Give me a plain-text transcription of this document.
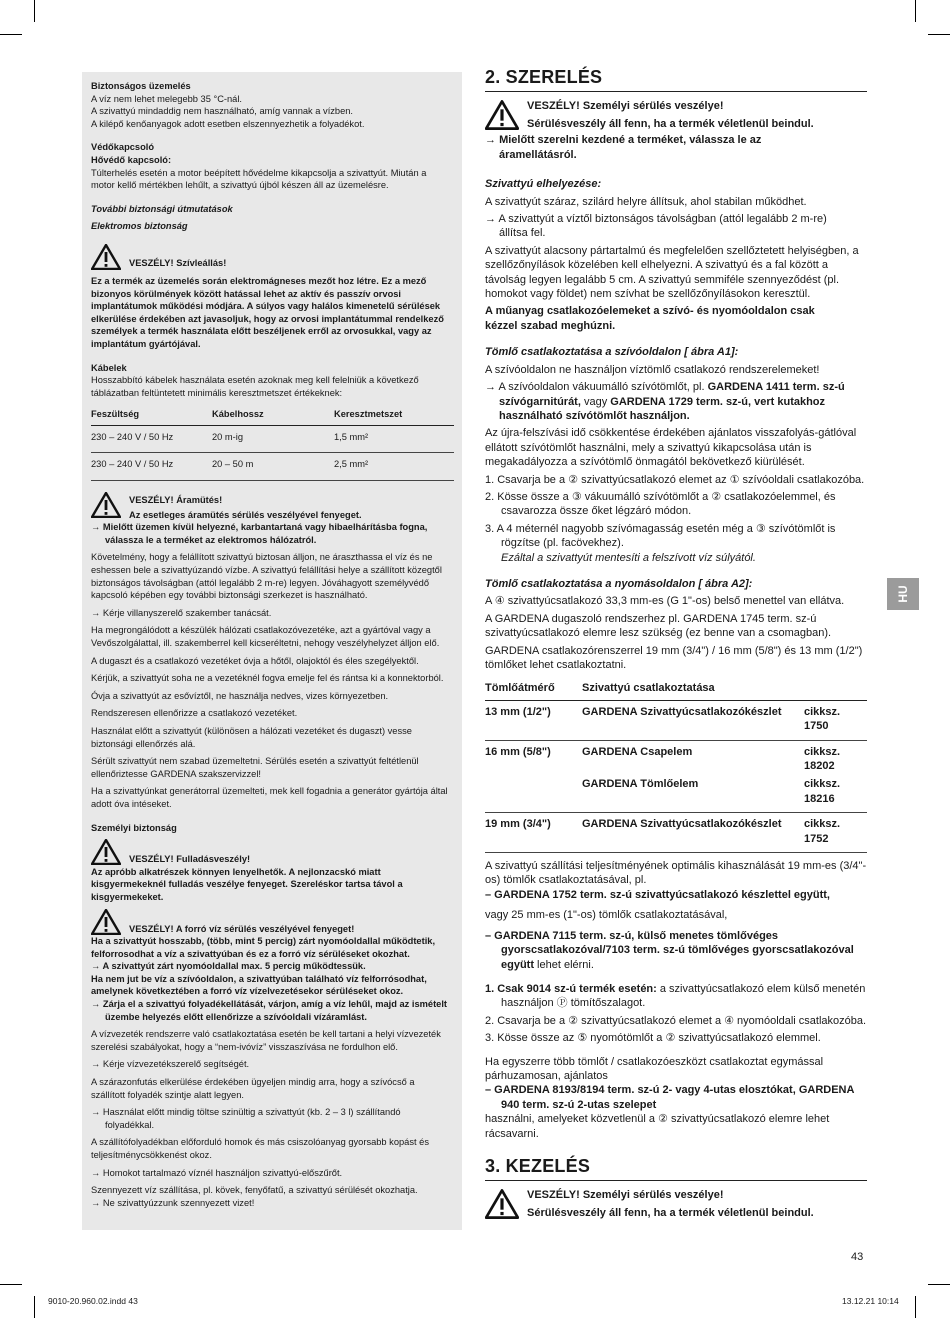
Biztonságos üzemelés

A víz nem lehet melegebb 35 °C-nál.

A szivattyú mindaddig nem használható, amíg vannak a vízben.

A kilépő kenőanyagok adott esetben elszennyezhetik a folyadékot.

Védőkapcsoló

Hővédő kapcsoló:

Túlterhelés esetén a motor beépített hővédelme kikapcsolja a szivattyút. Miután a motor kellő mértékben lehűlt, a szivattyú újból készen áll az üzemelésre.

További biztonsági útmutatások

Elektromos biztonság

VESZÉLY! Szívleállás!

Ez a termék az üzemelés során elektromágneses mezőt hoz létre. Ez a mező bizonyos körülmények között hatással lehet az aktív és passzív orvosi implantátumok működési módjára. A súlyos vagy halálos kimenetelű sérülések elkerülése érdekében azt javasoljuk, hogy az orvosi implantátummal rendelkező személyek a termék használata előtt beszéljenek erről az orvosukkal, vagy az implantátum gyártójával.

Kábelek

Hosszabbító kábelek használata esetén azoknak meg kell felelniük a következő táblázatban feltüntetett minimális keresztmetszet értékeknek:

Feszültség	Kábelhossz	Keresztmetszet
230 – 240 V / 50 Hz	20 m-ig	1,5 mm²
230 – 240 V / 50 Hz	20 – 50 m	2,5 mm²

VESZÉLY! Áramütés!

Az esetleges áramütés sérülés veszélyével fenyeget.

→ Mielőtt üzemen kívül helyezné, karbantartaná vagy hibaelhárításba fogna, válassza le a terméket az elektromos hálózatról.

Követelmény, hogy a felállított szivattyú biztosan álljon, ne áraszthassa el víz és ne eshessen bele a szivattyúzandó vízbe. A szivattyú felállítási helye a szállított közegtől biztonságos távolságban (attól legalább 2 m-re) legyen. Jóváhagyott személyvédő kapcsoló képében egy további biztonsági szerkezet is használható.

→ Kérje villanyszerelő szakember tanácsát.

Ha megrongálódott a készülék hálózati csatlakozóvezetéke, azt a gyártóval vagy a Vevőszolgálattal, ill. szakemberrel kell kicseréltetni, nehogy veszélyhelyzet álljon elő.

A dugaszt és a csatlakozó vezetéket óvja a hőtől, olajoktól és éles szegélyektől.

Kérjük, a szivattyút soha ne a vezetéknél fogva emelje fel és rántsa ki a konnektorból.

Óvja a szivattyút az esővíztől, ne használja nedves, vizes környezetben.

Rendszeresen ellenőrizze a csatlakozó vezetéket.

Használat előtt a szivattyút (különösen a hálózati vezetéket és dugaszt) vesse biztonsági ellenőrzés alá.

Sérült szivattyút nem szabad üzemeltetni. Sérülés esetén a szivattyút feltétlenül ellenőriztesse GARDENA szakszervizzel!

Ha a szivattyúnkat generátorral üzemelteti, mek kell fogadnia a generátor gyártója által adott óva intéseket.

Személyi biztonság

VESZÉLY! Fulladásveszély!

Az apróbb alkatrészek könnyen lenyelhetők. A nejlonzacskó miatt kisgyermekeknél fulladás veszélye fenyeget. Szereléskor tartsa távol a kisgyermekeket.

VESZÉLY! A forró víz sérülés veszélyével fenyeget!

Ha a szivattyút hosszabb, (több, mint 5 percig) zárt nyomóoldallal működtetik, felforrosodhat a víz a szivattyúban és ez a forró víz sérüléseket okozhat.

→ A szivattyút zárt nyomóoldallal max. 5 percig működtessük.

Ha nem jut be víz a szívóoldalon, a szivattyúban található víz felforrósodhat, amelynek következtében a forró víz vízelvezetésekor sérüléseket okoz.

→ Zárja el a szivattyú folyadékellátását, várjon, amíg a víz lehűl, majd az ismételt üzembe helyezés előtt ellenőrizze a szívóoldali vízáramlást.

A vízvezeték rendszerre való csatlakoztatása esetén be kell tartani a helyi vízvezeték szerelési szabályokat, hogy a “nem-ivóvíz” visszaszívása ne fordulhon elő.

→ Kérje vízvezetékszerelő segítségét.

A szárazonfutás elkerülése érdekében ügyeljen mindig arra, hogy a szívócső a szállított folyadék szintje alatt legyen.

→ Használat előtt mindig töltse szinültig a szivattyút (kb. 2 – 3 l) szállítandó folyadékkal.

A szállítófolyadékban előforduló homok és más csiszolóanyag gyorsabb kopást és teljesítménycsökkenést okoz.

→ Homokot tartalmazó víznél használjon szivattyú-előszűrőt.

Szennyezett víz szállítása, pl. kövek, fenyőfatű, a szivattyú sérülését okozhatja.

→ Ne szivattyúzzunk szennyezett vizet!

2. SZERELÉS

VESZÉLY! Személyi sérülés veszélye!

Sérülésveszély áll fenn, ha a termék véletlenül beindul.

→ Mielőtt szerelni kezdené a terméket, válassza le az áramellátásról.

Szivattyú elhelyezése:

A szivattyút száraz, szilárd helyre állítsuk, ahol stabilan működhet.

→ A szivattyút a víztől biztonságos távolságban (attól legalább 2 m-re) állítsa fel.

A szivattyút alacsony pártartalmú és megfelelően szellőztetett helyiségben, a szellőzőnyílások közelében kell elhelyezni. A szivattyú és a fal között a távolság legyen legalább 5 cm. A szivattyú semmiféle szennyeződést (pl. homokot vagy földet) nem szívhat be szellőzőnyílásokon keresztül.

A műanyag csatlakozóelemeket a szívó- és nyomóoldalon csak kézzel szabad meghúzni.

Tömlő csatlakoztatása a szívóoldalon [ ábra A1]:

A szívóoldalon ne használjon víztömlő csatlakozó rendszerelemeket!

→ A szívóoldalon vákuumálló szívótömlőt, pl. GARDENA 1411 term. sz-ú szívógarnitúrát, vagy GARDENA 1729 term. sz-ú, vert kutakhoz használható szívótömlőt használjon.

Az újra-felszívási idő csökkentése érdekében ajánlatos visszafolyás-gátlóval ellátott szívótömlőt használni, mely a szivattyú kikapcsolása után is megakadályozza a szívótömlő önmagától bekövetkező kiürülését.

1. Csavarja be a ② szivattyúcsatlakozó elemet az ① szívóoldali csatlakozóba.

2. Kösse össze a ③ vákuumálló szívótömlőt a ② csatlakozóelemmel, és csavarozza össze őket légzáró módon.

3. A 4 méternél nagyobb szívómagasság esetén még a ③ szívótömlőt is rögzítse (pl. facövekhez).

Ezáltal a szivattyút mentesíti a felszívott víz súlyától.

Tömlő csatlakoztatása a nyomásoldalon [ ábra A2]:

A ④ szivattyúcsatlakozó 33,3 mm-es (G 1"-os) belső menettel van ellátva.

A GARDENA dugaszoló rendszerhez pl. GARDENA 1745 term. sz-ú szivattyúcsatlakozó elemre lesz szükség (ez benne van a csomagban).

GARDENA csatlakozórenszerrel 19 mm (3/4") / 16 mm (5/8") és 13 mm (1/2") tömlőket lehet csatlakoztatni.

Tömlőátmérő	Szivattyú csatlakoztatása	
13 mm (1/2")	GARDENA Szivattyúcsatlakozókészlet	cikksz. 1750
16 mm (5/8")	GARDENA Csapelem	cikksz. 18202
	GARDENA Tömlőelem	cikksz. 18216
19 mm (3/4")	GARDENA Szivattyúcsatlakozókészlet	cikksz. 1752

A szivattyú szállítási teljesítményének optimális kihasználását 19 mm-es (3/4"-os) tömlők csatlakoztatásával, pl.

– GARDENA 1752 term. sz-ú szivattyúcsatlakozó készlettel együtt,

vagy 25 mm-es (1"-os) tömlők csatlakoztatásával,

– GARDENA 7115 term. sz-ú, külső menetes tömlővéges gyorscsatlakozóval/7103 term. sz-ú tömlővéges gyorscsatlakozóval együtt lehet elérni.

1. Csak 9014 sz-ú termék esetén: a szivattyúcsatlakozó elem külső menetén használjon Ⓟ tömítőszalagot.

2. Csavarja be a ② szivattyúcsatlakozó elemet a ④ nyomóoldali csatlakozóba.

3. Kösse össze az ⑤ nyomótömlőt a ② szivattyúcsatlakozó elemmel.

Ha egyszerre több tömlőt / csatlakozóeszközt csatlakoztat egymással párhuzamosan, ajánlatos

– GARDENA 8193/8194 term. sz-ú 2- vagy 4-utas elosztókat, GARDENA 940 term. sz-ú 2-utas szelepet

használni, amelyeket közvetlenül a ② szivattyúcsatlakozó elemre lehet rácsavarni.

3. KEZELÉS

VESZÉLY! Személyi sérülés veszélye!

Sérülésveszély áll fenn, ha a termék véletlenül beindul.

HU
43
9010-20.960.02.indd 43	13.12.21 10:14
